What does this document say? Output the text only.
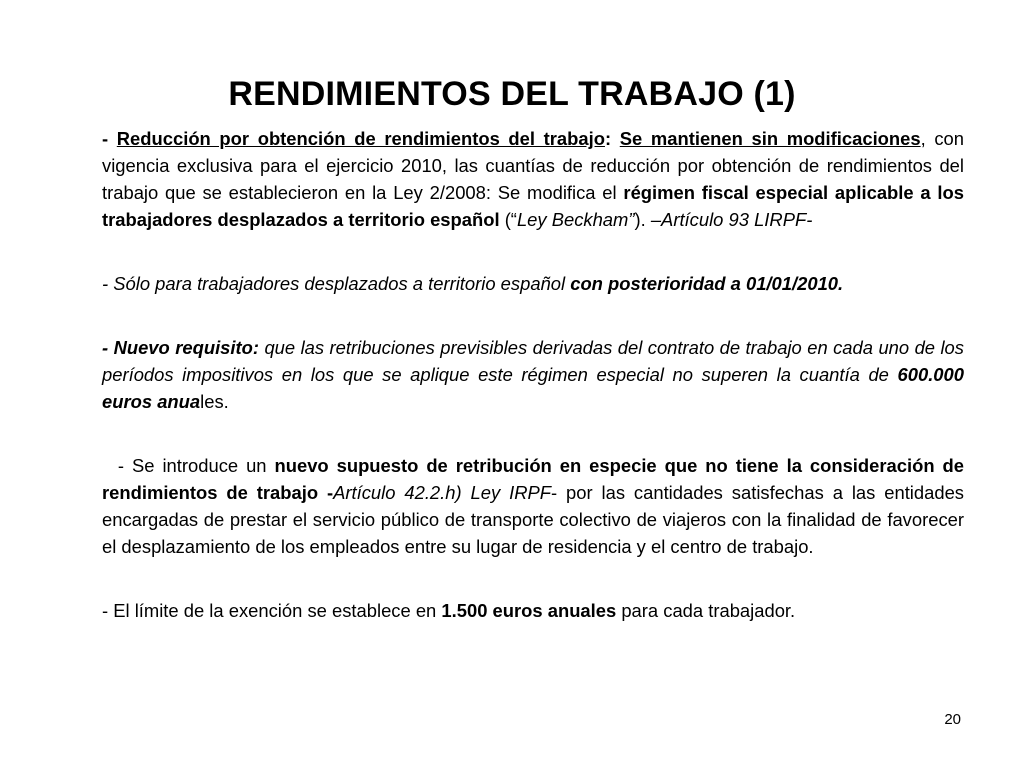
RENDIMIENTOS DEL TRABAJO (1)

- Reducción por obtención de rendimientos del trabajo: Se mantienen sin modificaciones, con vigencia exclusiva para el ejercicio 2010, las cuantías de reducción por obtención de rendimientos del trabajo que se establecieron en la Ley 2/2008: Se modifica el régimen fiscal especial aplicable a los trabajadores desplazados a territorio español (“Ley Beckham”). –Artículo 93 LIRPF-

- Sólo para trabajadores desplazados a territorio español con posterioridad a 01/01/2010.

- Nuevo requisito: que las retribuciones previsibles derivadas del contrato de trabajo en cada uno de los períodos impositivos en los que se aplique este régimen especial no superen la cuantía de 600.000 euros anuales.

- Se introduce un nuevo supuesto de retribución en especie que no tiene la consideración de rendimientos de trabajo -Artículo 42.2.h) Ley IRPF- por las cantidades satisfechas a las entidades encargadas de prestar el servicio público de transporte colectivo de viajeros con la finalidad de favorecer el desplazamiento de los empleados entre su lugar de residencia y el centro de trabajo.

- El límite de la exención se establece en 1.500 euros anuales para cada trabajador.

20
